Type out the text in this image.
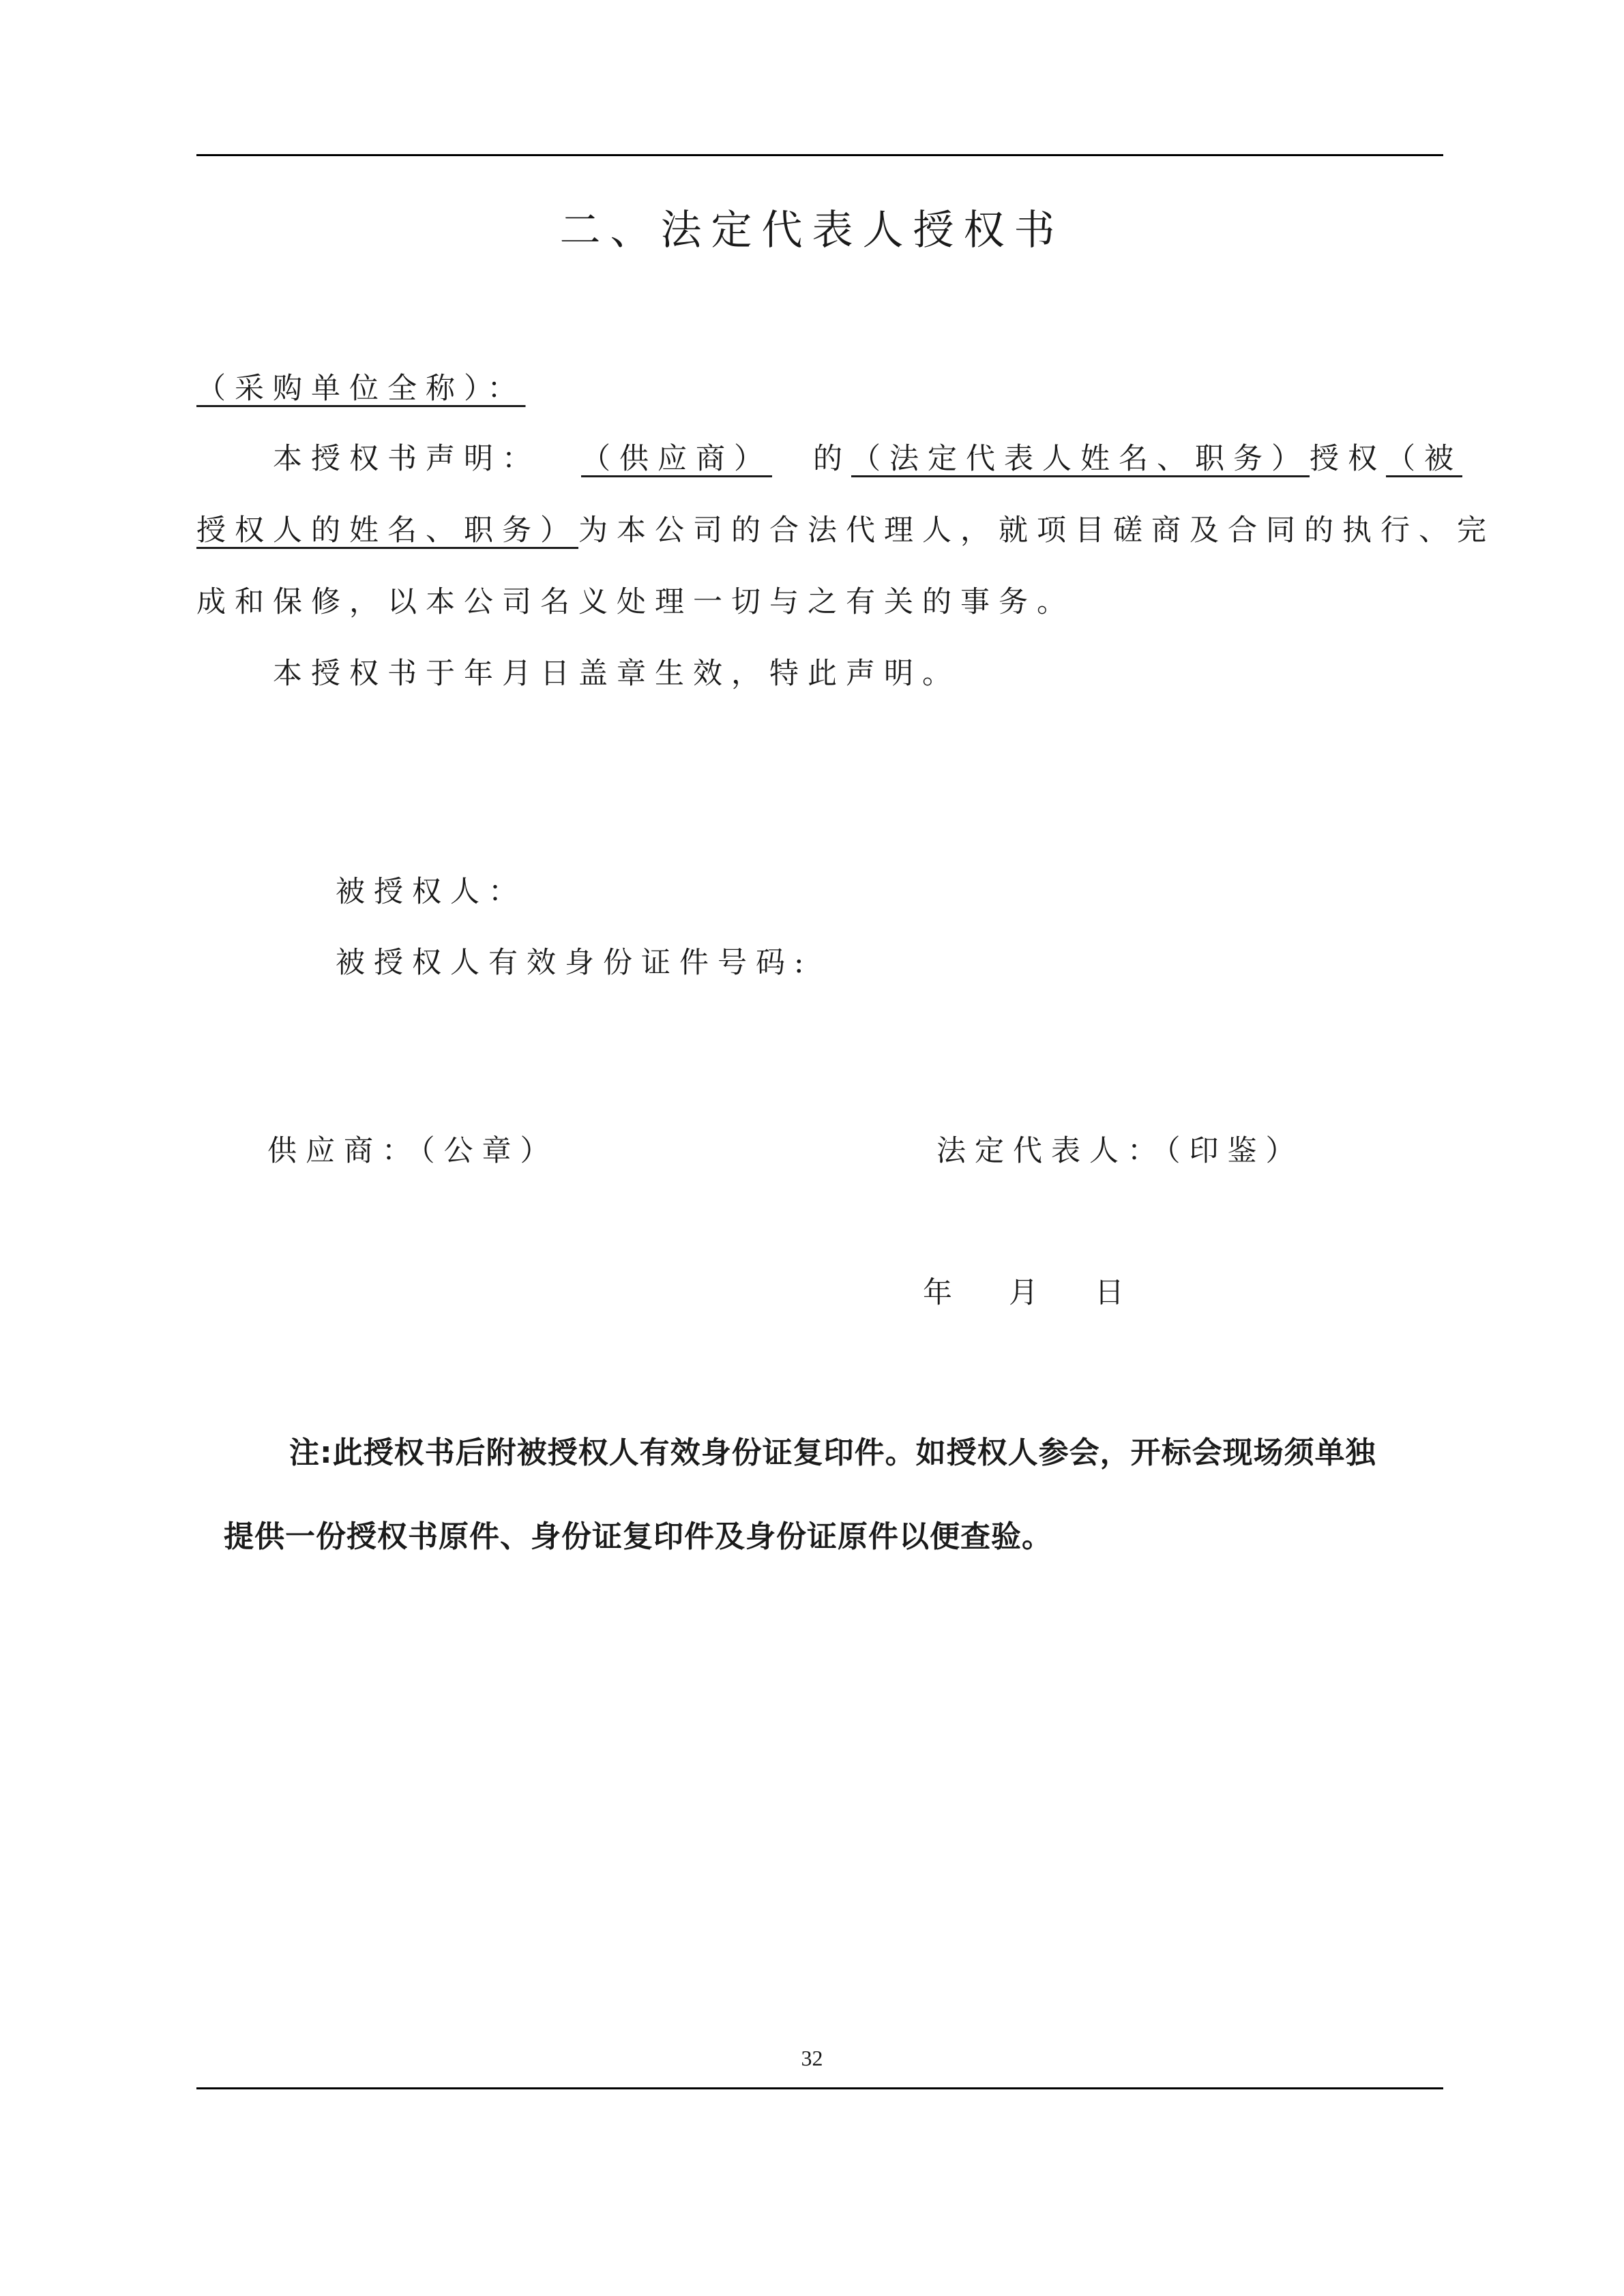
二、法定代表人授权书
（采购单位全称）：
本授权书声明： （供应商） 的（法定代表人姓名、职务）授权（被
授权人的姓名、职务）为本公司的合法代理人，就项目磋商及合同的执行、完
成和保修，以本公司名义处理一切与之有关的事务。
本授权书于年月日盖章生效，特此声明。
被授权人：
被授权人有效身份证件号码:
供应商：（公章）	法定代表人：（印鉴）
年 月 日
注:此授权书后附被授权人有效身份证复印件。如授权人参会，开标会现场须单独
提供一份授权书原件、身份证复印件及身份证原件以便查验。
32
